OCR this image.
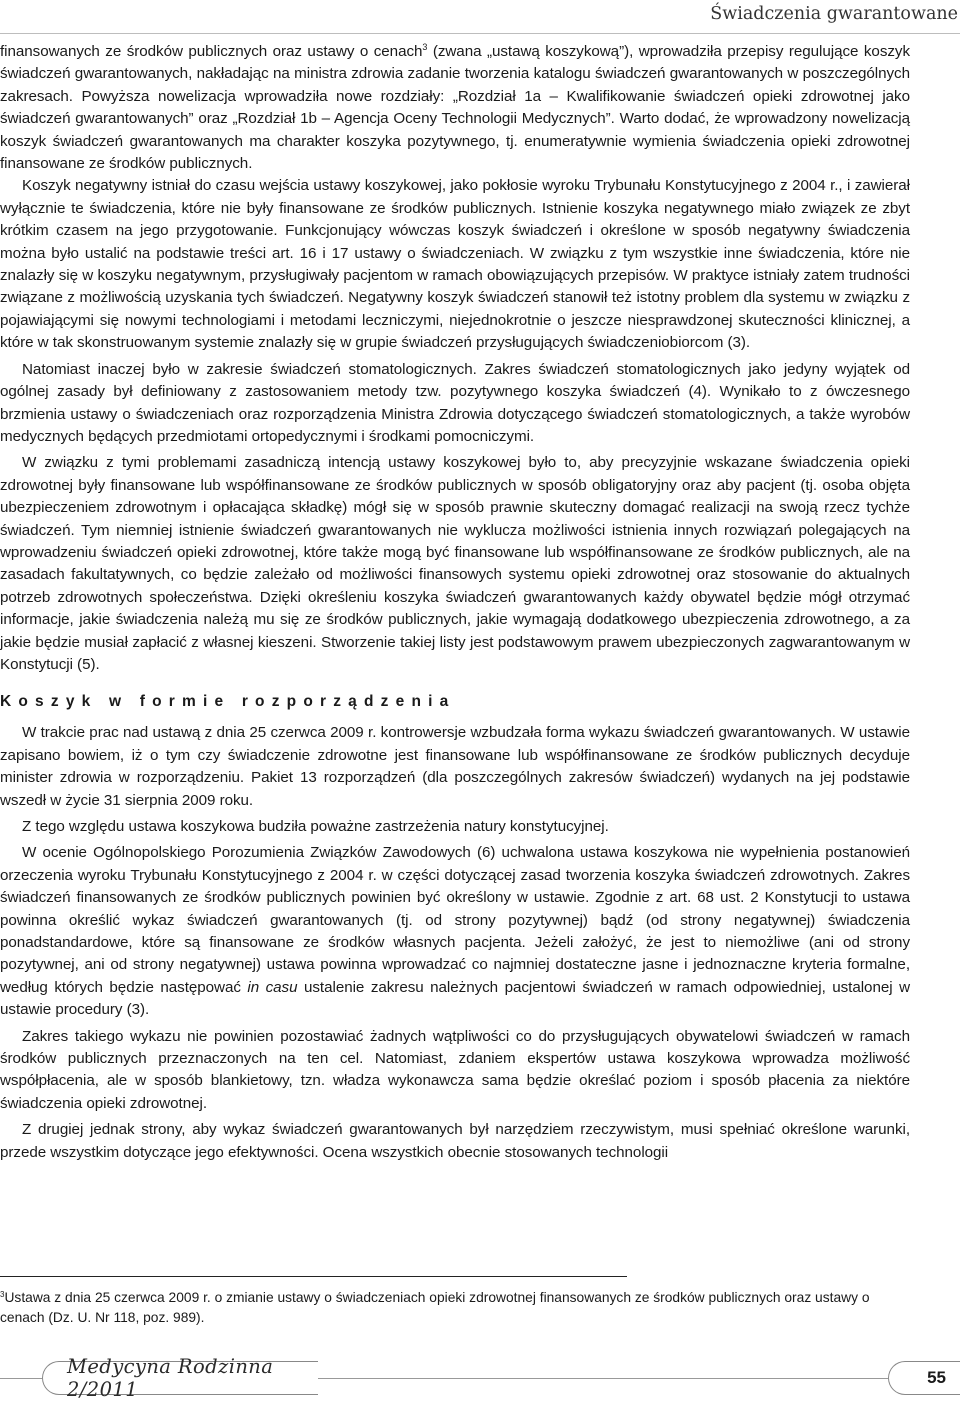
Świadczenia gwarantowane

finansowanych ze środków publicznych oraz ustawy o cenach$^3$ (zwana „ustawą koszykową”), wprowadziła przepisy regulujące koszyk świadczeń gwarantowanych, nakładając na ministra zdrowia zadanie tworzenia katalogu świadczeń gwarantowanych w poszczególnych zakresach. Powyższa nowelizacja wprowadziła nowe rozdziały: „Rozdział 1a – Kwalifikowanie świadczeń opieki zdrowotnej jako świadczeń gwarantowanych” oraz „Rozdział 1b – Agencja Oceny Technologii Medycznych”. Warto dodać, że wprowadzony nowelizacją koszyk świadczeń gwarantowanych ma charakter koszyka pozytywnego, tj. enumeratywnie wymienia świadczenia opieki zdrowotnej finansowane ze środków publicznych.

Koszyk negatywny istniał do czasu wejścia ustawy koszykowej, jako pokłosie wyroku Trybunału Konstytucyjnego z 2004 r., i zawierał wyłącznie te świadczenia, które nie były finansowane ze środków publicznych. Istnienie koszyka negatywnego miało związek ze zbyt krótkim czasem na jego przygotowanie. Funkcjonujący wówczas koszyk świadczeń i określone w sposób negatywny świadczenia można było ustalić na podstawie treści art. 16 i 17 ustawy o świadczeniach. W związku z tym wszystkie inne świadczenia, które nie znalazły się w koszyku negatywnym, przysługiwały pacjentom w ramach obowiązujących przepisów. W praktyce istniały zatem trudności związane z możliwością uzyskania tych świadczeń. Negatywny koszyk świadczeń stanowił też istotny problem dla systemu w związku z pojawiającymi się nowymi technologiami i metodami leczniczymi, niejednokrotnie o jeszcze niesprawdzonej skuteczności klinicznej, a które w tak skonstruowanym systemie znalazły się w grupie świadczeń przysługujących świadczeniobiorcom (3).

Natomiast inaczej było w zakresie świadczeń stomatologicznych. Zakres świadczeń stomatologicznych jako jedyny wyjątek od ogólnej zasady był definiowany z zastosowaniem metody tzw. pozytywnego koszyka świadczeń (4). Wynikało to z ówczesnego brzmienia ustawy o świadczeniach oraz rozporządzenia Ministra Zdrowia dotyczącego świadczeń stomatologicznych, a także wyrobów medycznych będących przedmiotami ortopedycznymi i środkami pomocniczymi.

W związku z tymi problemami zasadniczą intencją ustawy koszykowej było to, aby precyzyjnie wskazane świadczenia opieki zdrowotnej były finansowane lub współfinansowane ze środków publicznych w sposób obligatoryjny oraz aby pacjent (tj. osoba objęta ubezpieczeniem zdrowotnym i opłacająca składkę) mógł się w sposób prawnie skuteczny domagać realizacji na swoją rzecz tychże świadczeń. Tym niemniej istnienie świadczeń gwarantowanych nie wyklucza możliwości istnienia innych rozwiązań polegających na wprowadzeniu świadczeń opieki zdrowotnej, które także mogą być finansowane lub współfinansowane ze środków publicznych, ale na zasadach fakultatywnych, co będzie zależało od możliwości finansowych systemu opieki zdrowotnej oraz stosowanie do aktualnych potrzeb zdrowotnych społeczeństwa. Dzięki określeniu koszyka świadczeń gwarantowanych każdy obywatel będzie mógł otrzymać informacje, jakie świadczenia należą mu się ze środków publicznych, jakie wymagają dodatkowego ubezpieczenia zdrowotnego, a za jakie będzie musiał zapłacić z własnej kieszeni. Stworzenie takiej listy jest podstawowym prawem ubezpieczonych zagwarantowanym w Konstytucji (5).

Koszyk w formie rozporządzenia

W trakcie prac nad ustawą z dnia 25 czerwca 2009 r. kontrowersje wzbudzała forma wykazu świadczeń gwarantowanych. W ustawie zapisano bowiem, iż o tym czy świadczenie zdrowotne jest finansowane lub współfinansowane ze środków publicznych decyduje minister zdrowia w rozporządzeniu. Pakiet 13 rozporządzeń (dla poszczególnych zakresów świadczeń) wydanych na jej podstawie wszedł w życie 31 sierpnia 2009 roku.

Z tego względu ustawa koszykowa budziła poważne zastrzeżenia natury konstytucyjnej.

W ocenie Ogólnopolskiego Porozumienia Związków Zawodowych (6) uchwalona ustawa koszykowa nie wypełnienia postanowień orzeczenia wyroku Trybunału Konstytucyjnego z 2004 r. w części dotyczącej zasad tworzenia koszyka świadczeń zdrowotnych. Zakres świadczeń finansowanych ze środków publicznych powinien być określony w ustawie. Zgodnie z art. 68 ust. 2 Konstytucji to ustawa powinna określić wykaz świadczeń gwarantowanych (tj. od strony pozytywnej) bądź (od strony negatywnej) świadczenia ponadstandardowe, które są finansowane ze środków własnych pacjenta. Jeżeli założyć, że jest to niemożliwe (ani od strony pozytywnej, ani od strony negatywnej) ustawa powinna wprowadzać co najmniej dostateczne jasne i jednoznaczne kryteria formalne, według których będzie następować in casu ustalenie zakresu należnych pacjentowi świadczeń w ramach odpowiedniej, ustalonej w ustawie procedury (3).

Zakres takiego wykazu nie powinien pozostawiać żadnych wątpliwości co do przysługujących obywatelowi świadczeń w ramach środków publicznych przeznaczonych na ten cel. Natomiast, zdaniem ekspertów ustawa koszykowa wprowadza możliwość współpłacenia, ale w sposób blankietowy, tzn. władza wykonawcza sama będzie określać poziom i sposób płacenia za niektóre świadczenia opieki zdrowotnej.

Z drugiej jednak strony, aby wykaz świadczeń gwarantowanych był narzędziem rzeczywistym, musi spełniać określone warunki, przede wszystkim dotyczące jego efektywności. Ocena wszystkich obecnie stosowanych technologii

$^3$Ustawa z dnia 25 czerwca 2009 r. o zmianie ustawy o świadczeniach opieki zdrowotnej finansowanych ze środków publicznych oraz ustawy o cenach (Dz. U. Nr 118, poz. 989).

Medycyna Rodzinna 2/2011
55
